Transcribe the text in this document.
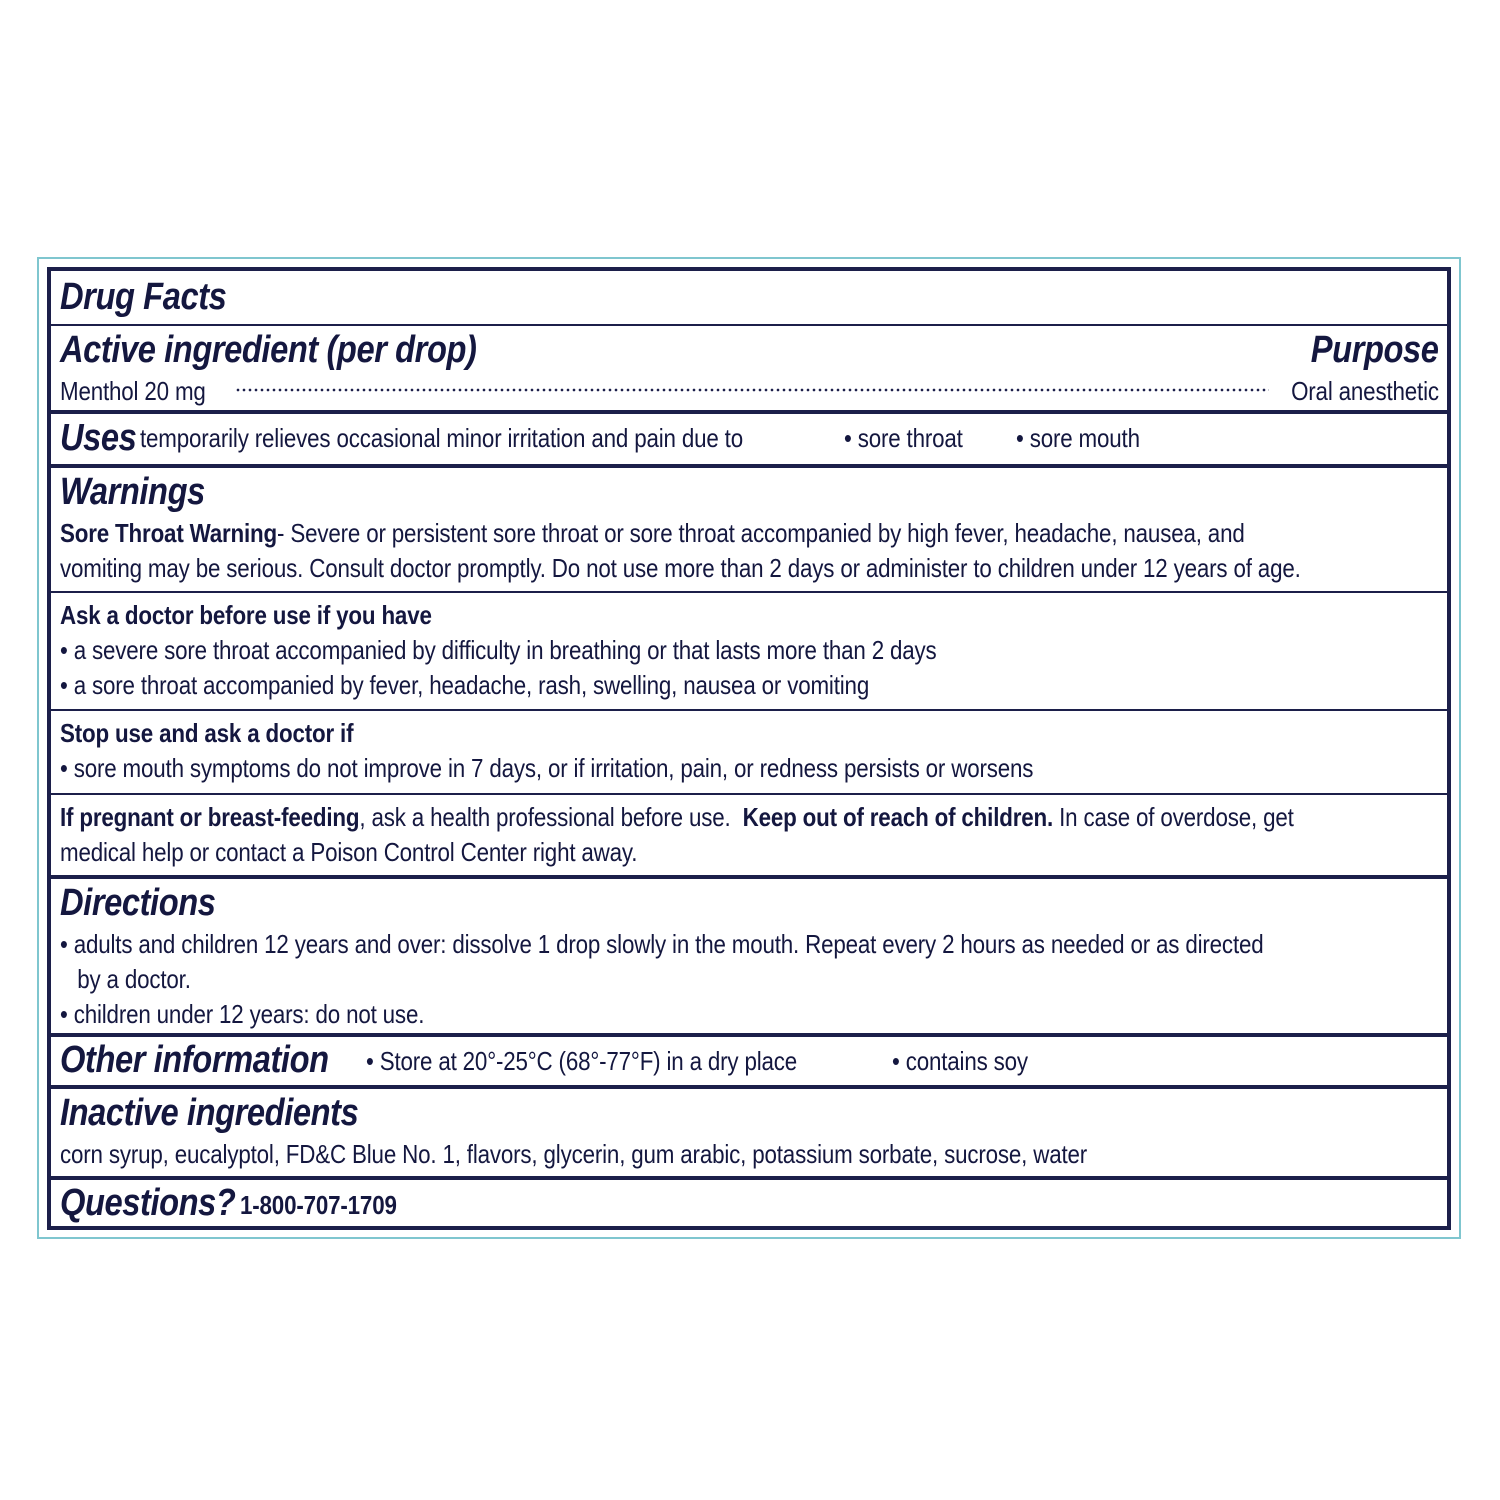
Drug Facts
Active ingredient (per drop)	Purpose
Menthol 20 mg	Oral anesthetic
Uses temporarily relieves occasional minor irritation and pain due to	• sore throat • sore mouth
Warnings
Sore Throat Warning- Severe or persistent sore throat or sore throat accompanied by high fever, headache, nausea, and
vomiting may be serious. Consult doctor promptly. Do not use more than 2 days or administer to children under 12 years of age.
Ask a doctor before use if you have
• a severe sore throat accompanied by difficulty in breathing or that lasts more than 2 days
• a sore throat accompanied by fever, headache, rash, swelling, nausea or vomiting
Stop use and ask a doctor if
• sore mouth symptoms do not improve in 7 days, or if irritation, pain, or redness persists or worsens
If pregnant or breast-feeding, ask a health professional before use. Keep out of reach of children. In case of overdose, get
medical help or contact a Poison Control Center right away.
Directions
• adults and children 12 years and over: dissolve 1 drop slowly in the mouth. Repeat every 2 hours as needed or as directed
by a doctor.
• children under 12 years: do not use.
Other information • Store at 20°-25°C (68°-77°F) in a dry place	• contains soy
Inactive ingredients
corn syrup, eucalyptol, FD&C Blue No. 1, flavors, glycerin, gum arabic, potassium sorbate, sucrose, water
Questions? 1-800-707-1709
